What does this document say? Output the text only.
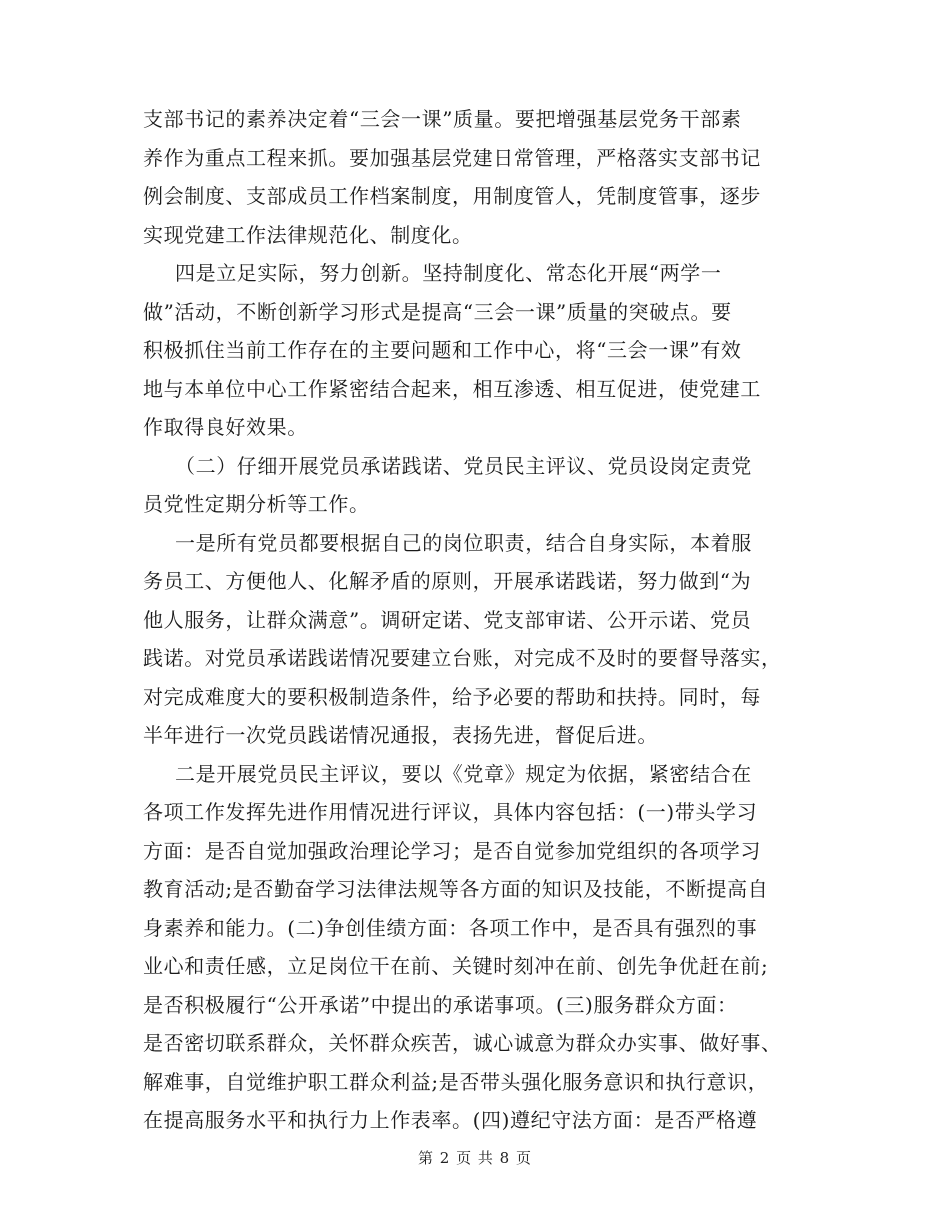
支部书记的素养决定着“三会一课”质量。要把增强基层党务干部素
养作为重点工程来抓。要加强基层党建日常管理，严格落实支部书记
例会制度、支部成员工作档案制度，用制度管人，凭制度管事，逐步
实现党建工作法律规范化、制度化。
四是立足实际，努力创新。坚持制度化、常态化开展“两学一
做”活动，不断创新学习形式是提高“三会一课”质量的突破点。要
积极抓住当前工作存在的主要问题和工作中心，将“三会一课”有效
地与本单位中心工作紧密结合起来，相互渗透、相互促进，使党建工
作取得良好效果。
（二）仔细开展党员承诺践诺、党员民主评议、党员设岗定责党
员党性定期分析等工作。
一是所有党员都要根据自己的岗位职责，结合自身实际，本着服
务员工、方便他人、化解矛盾的原则，开展承诺践诺，努力做到“为
他人服务，让群众满意”。调研定诺、党支部审诺、公开示诺、党员
践诺。对党员承诺践诺情况要建立台账，对完成不及时的要督导落实，
对完成难度大的要积极制造条件，给予必要的帮助和扶持。同时，每
半年进行一次党员践诺情况通报，表扬先进，督促后进。
二是开展党员民主评议，要以《党章》规定为依据，紧密结合在
各项工作发挥先进作用情况进行评议，具体内容包括：(一)带头学习
方面：是否自觉加强政治理论学习；是否自觉参加党组织的各项学习
教育活动;是否勤奋学习法律法规等各方面的知识及技能，不断提高自
身素养和能力。(二)争创佳绩方面：各项工作中，是否具有强烈的事
业心和责任感，立足岗位干在前、关键时刻冲在前、创先争优赶在前;
是否积极履行“公开承诺”中提出的承诺事项。(三)服务群众方面：
是否密切联系群众，关怀群众疾苦，诚心诚意为群众办实事、做好事、
解难事，自觉维护职工群众利益;是否带头强化服务意识和执行意识，
在提高服务水平和执行力上作表率。(四)遵纪守法方面：是否严格遵
第 2 页 共 8 页
